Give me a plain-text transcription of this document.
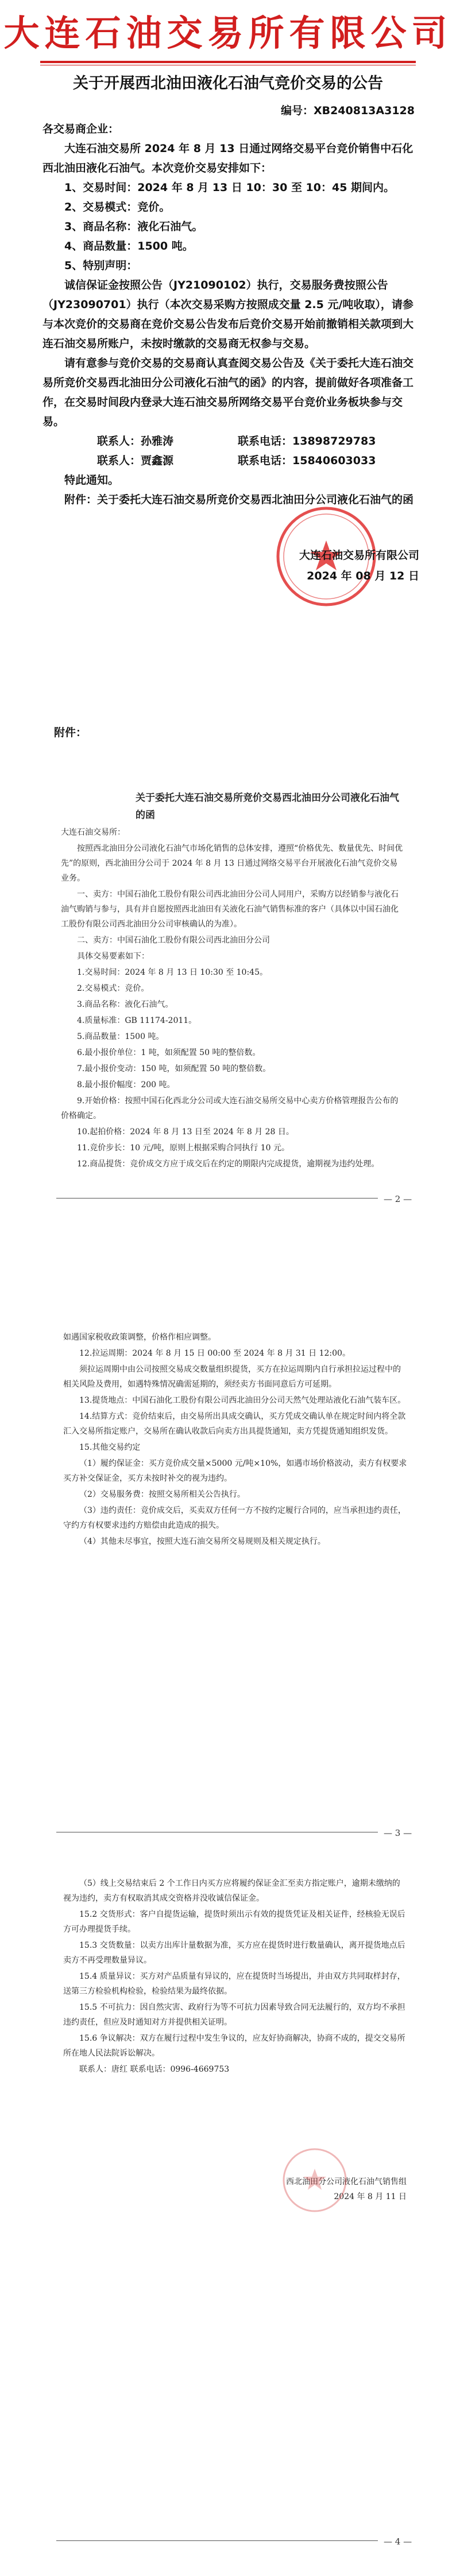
大连石油交易所有限公司
关于开展西北油田液化石油气竞价交易的公告
编号：XB240813A3128

各交易商企业：

大连石油交易所 2024 年 8 月 13 日通过网络交易平台竞价销售中石化西北油田液化石油气。本次竞价交易安排如下：

1、交易时间：2024 年 8 月 13 日 10：30 至 10：45 期间内。

2、交易模式：竞价。

3、商品名称：液化石油气。

4、商品数量：1500 吨。

5、特别声明：

诚信保证金按照公告（JY21090102）执行，交易服务费按照公告（JY23090701）执行（本次交易采购方按照成交量 2.5 元/吨收取），请参与本次竞价的交易商在竞价交易公告发布后竞价交易开始前撤销相关款项到大连石油交易所账户，未按时缴款的交易商无权参与交易。

请有意参与竞价交易的交易商认真查阅交易公告及《关于委托大连石油交易所竞价交易西北油田分公司液化石油气的函》的内容，提前做好各项准备工作，在交易时间段内登录大连石油交易所网络交易平台竞价业务板块参与交易。

联系人：孙雅涛	联系电话：13898729783

联系人：贾鑫源	联系电话：15840603033

特此通知。

附件：关于委托大连石油交易所竞价交易西北油田分公司液化石油气的函

大连石油交易所有限公司
2024 年 08 月 12 日
附件：

关于委托大连石油交易所竞价交易西北油田分公司液化石油气的函

大连石油交易所：

按照西北油田分公司液化石油气市场化销售的总体安排，遵照“价格优先、数量优先、时间优先”的原则，西北油田分公司于 2024 年 8 月 13 日通过网络交易平台开展液化石油气竞价交易业务。

一、卖方：中国石油化工股份有限公司西北油田分公司人同用户，采购方以经销参与液化石油气购销与参与，具有并自愿按照西北油田有关液化石油气销售标准的客户（具体以中国石油化工股份有限公司西北油田分公司审核确认的为准）。

二、卖方：中国石油化工股份有限公司西北油田分公司

具体交易要素如下：

1.交易时间：2024 年 8 月 13 日 10:30 至 10:45。

2.交易模式：竞价。

3.商品名称：液化石油气。

4.质量标准：GB 11174-2011。

5.商品数量：1500 吨。

6.最小报价单位：1 吨，如须配置 50 吨的整倍数。

7.最小报价变动：150 吨，如须配置 50 吨的整倍数。

8.最小报价幅度：200 吨。

9.开始价格：按照中国石化西北分公司或大连石油交易所交易中心卖方价格管理报告公布的价格确定。

10.起拍价格：2024 年 8 月 13 日至 2024 年 8 月 28 日。

11.竞价步长：10 元/吨，原则上根据采购合同执行 10 元。

12.商品提货：竞价成交方应于成交后在约定的期限内完成提货，逾期视为违约处理。

— 2 —

如遇国家税收政策调整，价格作相应调整。

12.拉运周期：2024 年 8 月 15 日 00:00 至 2024 年 8 月 31 日 12:00。

须拉运周期中由公司按照交易成交数量组织提货，买方在拉运周期内自行承担拉运过程中的相关风险及费用，如遇特殊情况确需延期的，须经卖方书面同意后方可延期。

13.提货地点：中国石油化工股份有限公司西北油田分公司天然气处理站液化石油气装车区。

14.结算方式：竞价结束后，由交易所出具成交确认，买方凭成交确认单在规定时间内将全款汇入交易所指定账户，交易所在确认收款后向卖方出具提货通知，卖方凭提货通知组织发货。

15.其他交易约定

（1）履约保证金：买方竞价成交量×5000 元/吨×10%，如遇市场价格波动，卖方有权要求买方补交保证金，买方未按时补交的视为违约。

（2）交易服务费：按照交易所相关公告执行。

（3）违约责任：竞价成交后，买卖双方任何一方不按约定履行合同的，应当承担违约责任，守约方有权要求违约方赔偿由此造成的损失。

（4）其他未尽事宜，按照大连石油交易所交易规则及相关规定执行。

— 3 —

（5）线上交易结束后 2 个工作日内买方应将履约保证金汇至卖方指定账户，逾期未缴纳的视为违约，卖方有权取消其成交资格并没收诚信保证金。

15.2 交货形式：客户自提货运输，提货时须出示有效的提货凭证及相关证件，经核验无误后方可办理提货手续。

15.3 交货数量：以卖方出库计量数据为准，买方应在提货时进行数量确认，离开提货地点后卖方不再受理数量异议。

15.4 质量异议：买方对产品质量有异议的，应在提货时当场提出，并由双方共同取样封存，送第三方检验机构检验，检验结果为最终依据。

15.5 不可抗力：因自然灾害、政府行为等不可抗力因素导致合同无法履行的，双方均不承担违约责任，但应及时通知对方并提供相关证明。

15.6 争议解决：双方在履行过程中发生争议的，应友好协商解决，协商不成的，提交交易所所在地人民法院诉讼解决。

联系人：唐红 联系电话：0996-4669753

西北油田分公司液化石油气销售组
2024 年 8 月 11 日
— 4 —
